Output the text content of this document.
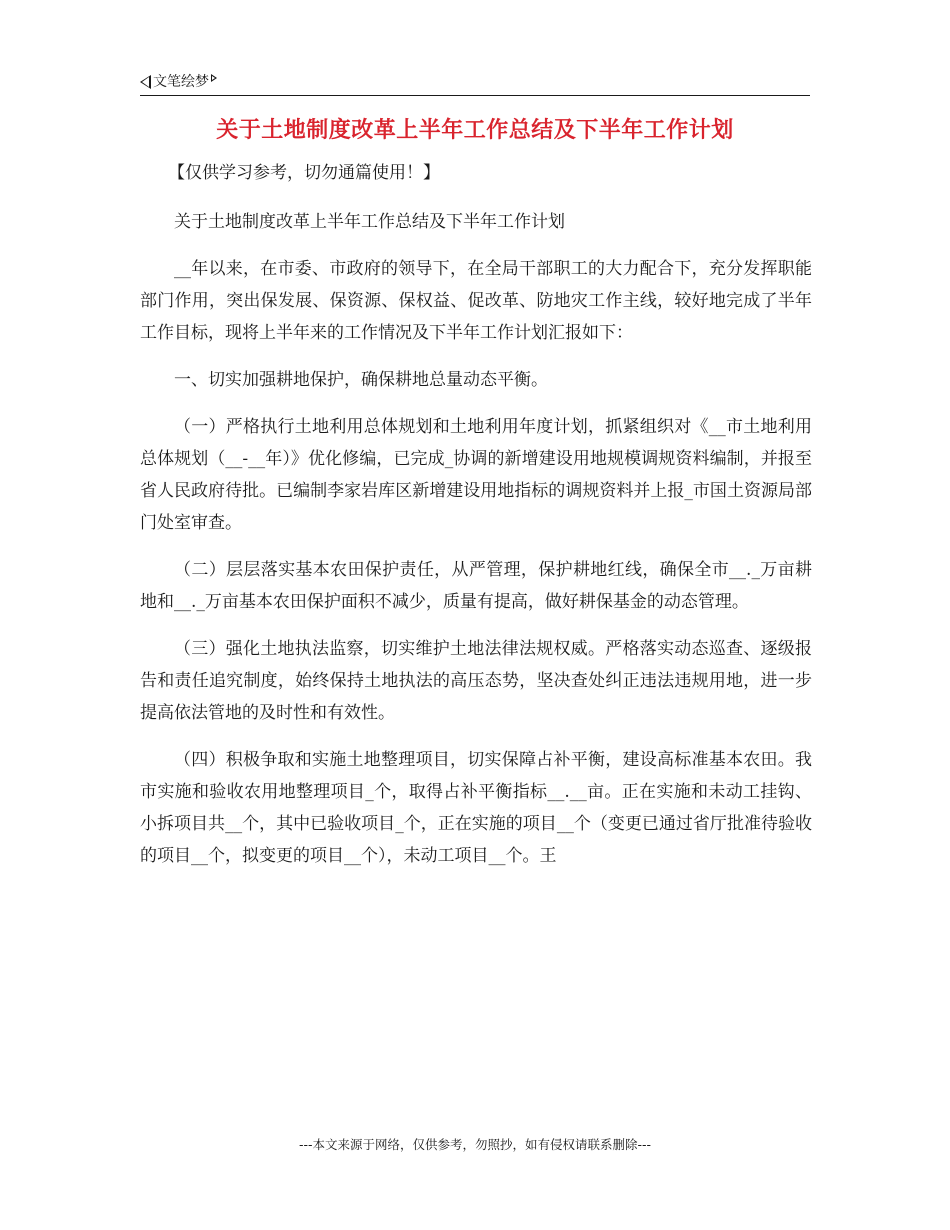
文笔绘梦
关于土地制度改革上半年工作总结及下半年工作计划

【仅供学习参考，切勿通篇使用！】

关于土地制度改革上半年工作总结及下半年工作计划

__年以来，在市委、市政府的领导下，在全局干部职工的大力配合下，充分发挥职能部门作用，突出保发展、保资源、保权益、促改革、防地灾工作主线，较好地完成了半年工作目标，现将上半年来的工作情况及下半年工作计划汇报如下：

一、切实加强耕地保护，确保耕地总量动态平衡。

（一）严格执行土地利用总体规划和土地利用年度计划，抓紧组织对《__市土地利用总体规划（__-__年）》优化修编，已完成_协调的新增建设用地规模调规资料编制，并报至省人民政府待批。已编制李家岩库区新增建设用地指标的调规资料并上报_市国土资源局部门处室审查。

（二）层层落实基本农田保护责任，从严管理，保护耕地红线，确保全市__._万亩耕地和__._万亩基本农田保护面积不减少，质量有提高，做好耕保基金的动态管理。

（三）强化土地执法监察，切实维护土地法律法规权威。严格落实动态巡查、逐级报告和责任追究制度，始终保持土地执法的高压态势，坚决查处纠正违法违规用地，进一步提高依法管地的及时性和有效性。

（四）积极争取和实施土地整理项目，切实保障占补平衡，建设高标准基本农田。我市实施和验收农用地整理项目_个，取得占补平衡指标__.__亩。正在实施和未动工挂钩、小拆项目共__个，其中已验收项目_个，正在实施的项目__个（变更已通过省厅批准待验收的项目__个，拟变更的项目__个），未动工项目__个。王

---本文来源于网络，仅供参考，勿照抄，如有侵权请联系删除---
